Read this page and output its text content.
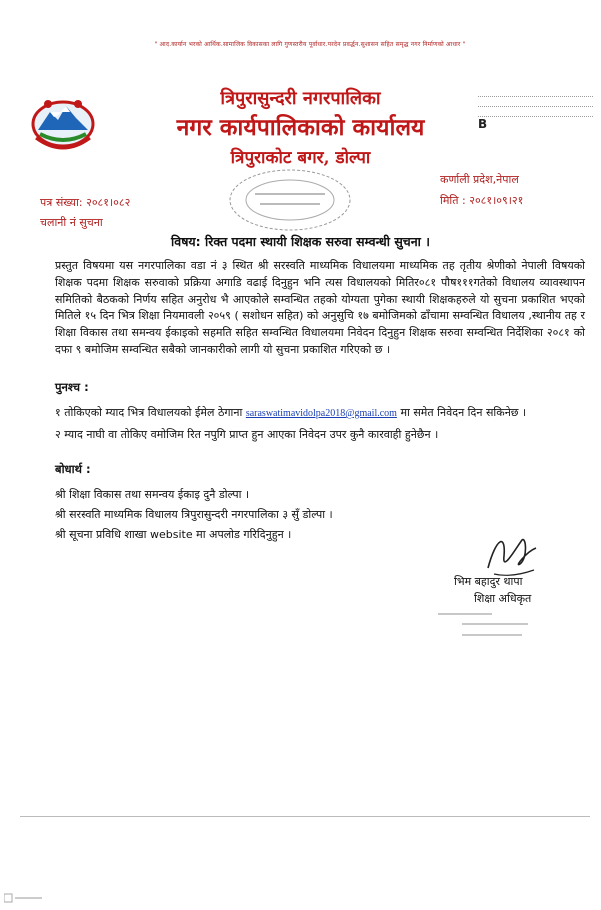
" आद.कार्यान भरको आर्थिक.सामाजिक विकासका लागि गुणस्तरीय पूर्वाधार.परदेन प्रवर्द्धन.सुशासन सहित समृद्ध नगर निर्माणको आधार "
त्रिपुरासुन्दरी नगरपालिका
नगर कार्यपालिकाको कार्यालय
त्रिपुराकोट बगर, डोल्पा
B
पत्र संख्या: २०८१।०८२
चलानी नं सुचना
कर्णाली प्रदेश,नेपाल
मिति : २०८१।०९।२१
विषय: रिक्त पदमा स्थायी शिक्षक सरुवा सम्वन्धी सुचना ।
प्रस्तुत विषयमा यस नगरपालिका वडा नं ३ स्थित श्री सरस्वति माध्यमिक विधालयमा माध्यमिक तह तृतीय श्रेणीको नेपाली विषयको शिक्षक पदमा शिक्षक सरुवाको प्रक्रिया अगाडि वढाई दिनुहुन भनि त्यस विधालयको मितिर०८१ पौष१११गतेको विधालय व्यावस्थापन समितिको बैठकको निर्णय सहित अनुरोध भै आएकोले सम्वन्धित तहको योग्यता पुगेका स्थायी शिक्षकहरुले यो सुचना प्रकाशित भएको मितिले १५ दिन भित्र शिक्षा नियमावली २०५९ ( सशोधन सहित) को अनुसुचि १७ बमोजिमको ढाँचामा सम्वन्धित विधालय ,स्थानीय तह र शिक्षा विकास तथा समन्वय ईकाइको सहमति सहित सम्वन्धित विधालयमा निवेदन दिनुहुन शिक्षक सरुवा सम्वन्धित निर्देशिका २०८१ को दफा ९ बमोजिम सम्वन्धित सबैको जानकारीको लागी यो सुचना प्रकाशित गरिएको छ ।
पुनश्च :
१ तोकिएको म्याद भित्र विधालयको ईमेल ठेगाना saraswatimavidolpa2018@gmail.com मा समेत निवेदन दिन सकिनेछ ।
२ म्याद नाघी वा तोकिए वमोजिम रित नपुगि प्राप्त हुन आएका निवेदन उपर कुनै कारवाही हुनेछैन ।
बोधार्थ :
श्री शिक्षा विकास तथा समन्वय ईकाइ दुनै डोल्पा ।
श्री सरस्वति माध्यमिक विधालय त्रिपुरासुन्दरी नगरपालिका ३ सुँ डोल्पा ।
श्री सूचना प्रविधि शाखा website मा अपलोड गरिदिनुहुन ।
भिम बहादुर थापा
शिक्षा अधिकृत
